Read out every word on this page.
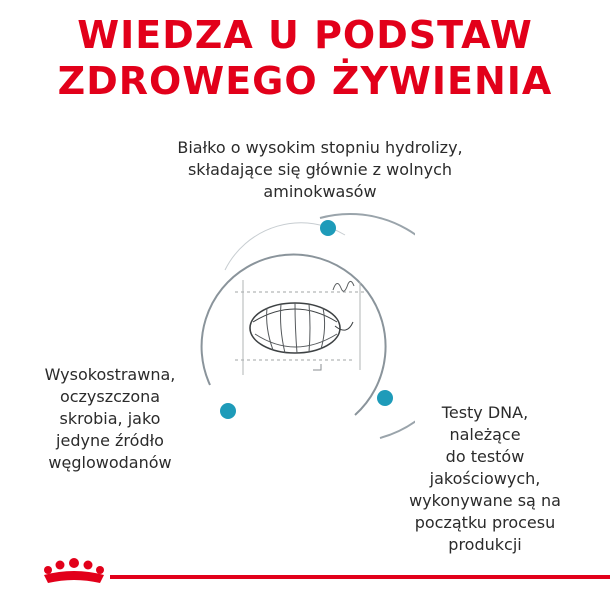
WIEDZA U PODSTAW
ZDROWEGO ŻYWIENIA

Białko o wysokim stopniu hydrolizy,
składające się głównie z wolnych
aminokwasów

Wysokostrawna,
oczyszczona
skrobia, jako
jedyne źródło
węglowodanów

Testy DNA,
należące
do testów
jakościowych,
wykonywane są na
początku procesu
produkcji
